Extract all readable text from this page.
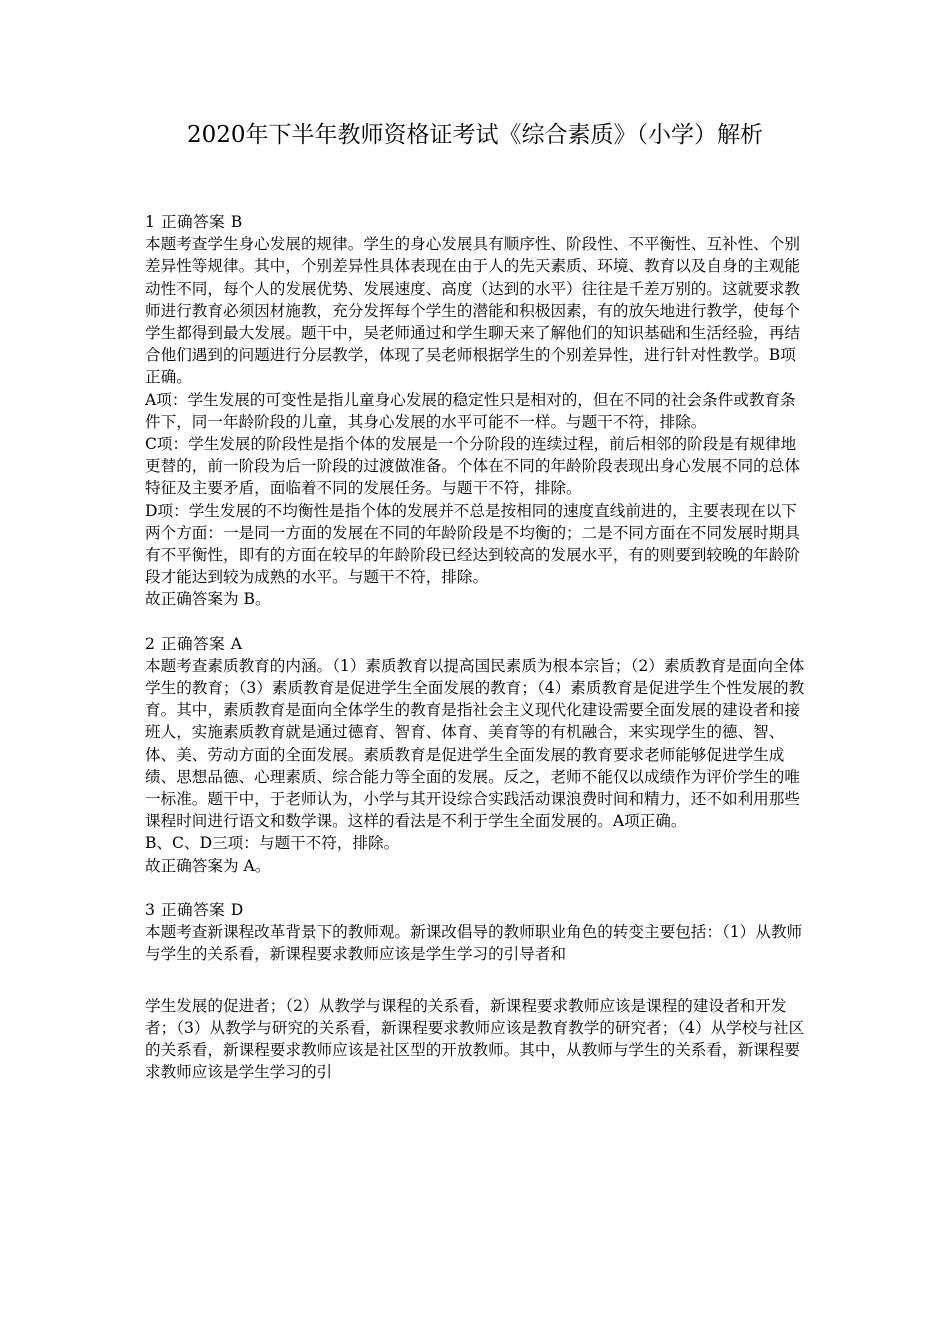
2020年下半年教师资格证考试《综合素质》（小学）解析

1 正确答案 B

本题考查学生身心发展的规律。学生的身心发展具有顺序性、阶段性、不平衡性、互补性、个别差异性等规律。其中，个别差异性具体表现在由于人的先天素质、环境、教育以及自身的主观能动性不同，每个人的发展优势、发展速度、高度（达到的水平）往往是千差万别的。这就要求教师进行教育必须因材施教，充分发挥每个学生的潜能和积极因素，有的放矢地进行教学，使每个学生都得到最大发展。题干中，吴老师通过和学生聊天来了解他们的知识基础和生活经验，再结合他们遇到的问题进行分层教学，体现了吴老师根据学生的个别差异性，进行针对性教学。B项正确。

A项：学生发展的可变性是指儿童身心发展的稳定性只是相对的，但在不同的社会条件或教育条件下，同一年龄阶段的儿童，其身心发展的水平可能不一样。与题干不符，排除。

C项：学生发展的阶段性是指个体的发展是一个分阶段的连续过程，前后相邻的阶段是有规律地更替的，前一阶段为后一阶段的过渡做准备。个体在不同的年龄阶段表现出身心发展不同的总体特征及主要矛盾，面临着不同的发展任务。与题干不符，排除。

D项：学生发展的不均衡性是指个体的发展并不总是按相同的速度直线前进的，主要表现在以下两个方面：一是同一方面的发展在不同的年龄阶段是不均衡的；二是不同方面在不同发展时期具有不平衡性，即有的方面在较早的年龄阶段已经达到较高的发展水平，有的则要到较晚的年龄阶段才能达到较为成熟的水平。与题干不符，排除。

故正确答案为 B。

2 正确答案 A

本题考查素质教育的内涵。（1）素质教育以提高国民素质为根本宗旨；（2）素质教育是面向全体学生的教育；（3）素质教育是促进学生全面发展的教育；（4）素质教育是促进学生个性发展的教育。其中，素质教育是面向全体学生的教育是指社会主义现代化建设需要全面发展的建设者和接班人，实施素质教育就是通过德育、智育、体育、美育等的有机融合，来实现学生的德、智、体、美、劳动方面的全面发展。素质教育是促进学生全面发展的教育要求老师能够促进学生成绩、思想品德、心理素质、综合能力等全面的发展。反之，老师不能仅以成绩作为评价学生的唯一标准。题干中，于老师认为，小学与其开设综合实践活动课浪费时间和精力，还不如利用那些课程时间进行语文和数学课。这样的看法是不利于学生全面发展的。A项正确。

B、C、D三项：与题干不符，排除。

故正确答案为 A。

3 正确答案 D

本题考查新课程改革背景下的教师观。新课改倡导的教师职业角色的转变主要包括：（1）从教师与学生的关系看，新课程要求教师应该是学生学习的引导者和

学生发展的促进者；（2）从教学与课程的关系看，新课程要求教师应该是课程的建设者和开发者；（3）从教学与研究的关系看，新课程要求教师应该是教育教学的研究者；（4）从学校与社区的关系看，新课程要求教师应该是社区型的开放教师。其中，从教师与学生的关系看，新课程要求教师应该是学生学习的引
